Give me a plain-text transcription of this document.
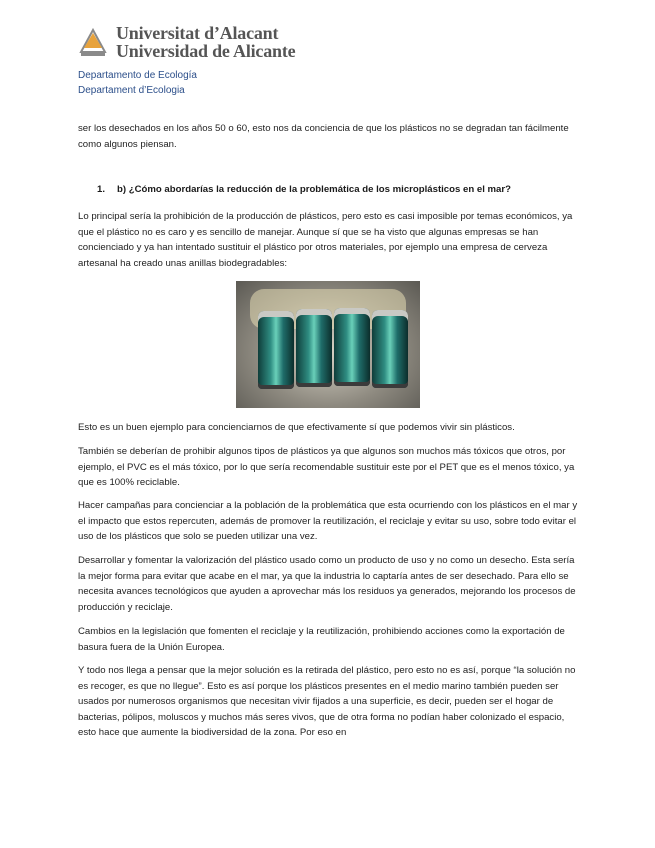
Universitat d’Alacant
Universidad de Alicante
Departamento de Ecología
Departament d’Ecologia
ser los desechados en los años 50 o 60, esto nos da conciencia de que los plásticos no se degradan tan fácilmente como algunos piensan.
1. b) ¿Cómo abordarías la reducción de la problemática de los microplásticos en el mar?
Lo principal sería la prohibición de la producción de plásticos, pero esto es casi imposible por temas económicos, ya que el plástico no es caro y es sencillo de manejar. Aunque sí que se ha visto que algunas empresas se han concienciado y ya han intentado sustituir el plástico por otros materiales, por ejemplo una empresa de cerveza artesanal ha creado unas anillas biodegradables:
Esto es un buen ejemplo para concienciarnos de que efectivamente sí que podemos vivir sin plásticos.
También se deberían de prohibir algunos tipos de plásticos ya que algunos son muchos más tóxicos que otros, por ejemplo, el PVC es el más tóxico, por lo que sería recomendable sustituir este por el PET que es el menos tóxico, ya que es 100% reciclable.
Hacer campañas para concienciar a la población de la problemática que esta ocurriendo con los plásticos en el mar y el impacto que estos repercuten, además de promover la reutilización, el reciclaje y evitar su uso, sobre todo evitar el uso de los plásticos que solo se pueden utilizar una vez.
Desarrollar y fomentar la valorización del plástico usado como un producto de uso y no como un desecho. Esta sería la mejor forma para evitar que acabe en el mar, ya que la industria lo captaría antes de ser desechado. Para ello se necesita avances tecnológicos que ayuden a aprovechar más los residuos ya generados, mejorando los procesos de producción y reciclaje.
Cambios en la legislación que fomenten el reciclaje y la reutilización, prohibiendo acciones como la exportación de basura fuera de la Unión Europea.
Y todo nos llega a pensar que la mejor solución es la retirada del plástico, pero esto no es así, porque “la solución no es recoger, es que no llegue”. Esto es así porque los plásticos presentes en el medio marino también pueden ser usados por numerosos organismos que necesitan vivir fijados a una superficie, es decir, pueden ser el hogar de bacterias, pólipos, moluscos y muchos más seres vivos, que de otra forma no podían haber colonizado el espacio, esto hace que aumente la biodiversidad de la zona. Por eso en
